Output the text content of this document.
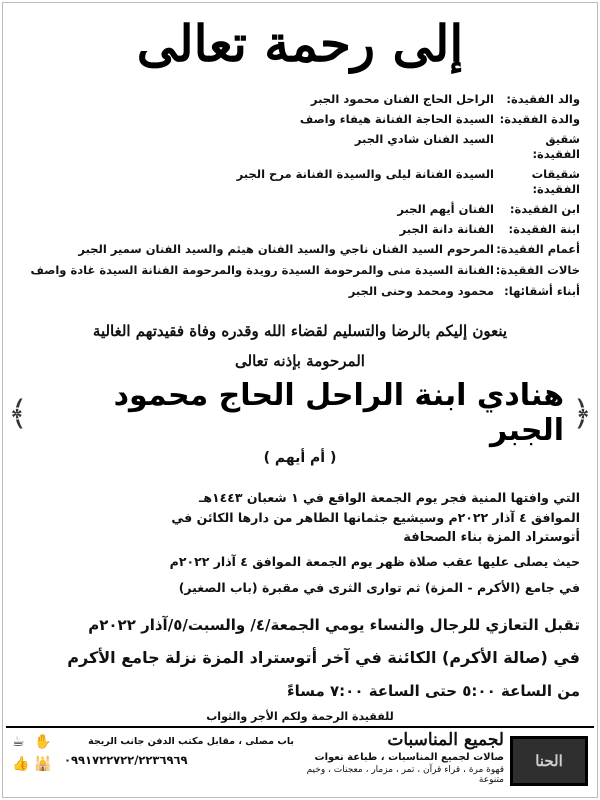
إلى رحمة تعالى
والد الفقيدة:
الراحل الحاج الفنان محمود الجبر
والدة الفقيدة:
السيدة الحاجة الفنانة هيفاء واصف
شقيق الفقيدة:
السيد الفنان شادي الجبر
شقيقات الفقيدة:
السيدة الفنانة ليلى والسيدة الفنانة مرح الجبر
ابن الفقيدة:
الفنان أيهم الجبر
ابنة الفقيدة:
الفنانة دانة الجبر
أعمام الفقيدة:
المرحوم السيد الفنان ناجي والسيد الفنان هيثم والسيد الفنان سمير الجبر
خالات الفقيدة:
الفنانة السيدة منى والمرحومة السيدة رويدة والمرحومة الفنانة السيدة غادة واصف
أبناء أشقائها:
محمود ومحمد وحنى الجبر
ينعون إليكم بالرضا والتسليم لقضاء الله وقدره وفاة فقيدتهم الغالية
المرحومة بإذنه تعالى
﴿
هنادي ابنة الراحل الحاج محمود الجبر
﴾
( أم أيهم )
التي وافتها المنية فجر يوم الجمعة الواقع في ١ شعبان ١٤٤٣هـ
الموافق ٤ آذار ٢٠٢٢م وسيشيع جثمانها الطاهر من دارها الكائن في
أتوستراد المزة بناء الصحافة
حيث يصلى عليها عقب صلاة ظهر يوم الجمعة الموافق ٤ آذار ٢٠٢٢م
في جامع (الأكرم - المزة) ثم توارى الثرى في مقبرة (باب الصغير)
تقبل التعازي للرجال والنساء يومي الجمعة/٤/ والسبت/٥/آذار ٢٠٢٢م
في (صالة الأكرم) الكائنة في آخر أتوستراد المزة نزلة جامع الأكرم
من الساعة ٥:٠٠ حتى الساعة ٧:٠٠ مساءً
للفقيدة الرحمة ولكم الأجر والثواب
الحنا
لجميع المناسبات
صالات لجميع المناسبات ، طباعة نعوات
قهوة مرة ، قراء قرآن ، تمر ، مزمار ، معجنات ، وخيم متنوعة
باب مصلى ، مقابل مكتب الدفن جانب الريجة
٠٩٩١٧٢٢٧٢٢/٢٢٣٦٩٦٩
☕ ✋
👍 🕌
